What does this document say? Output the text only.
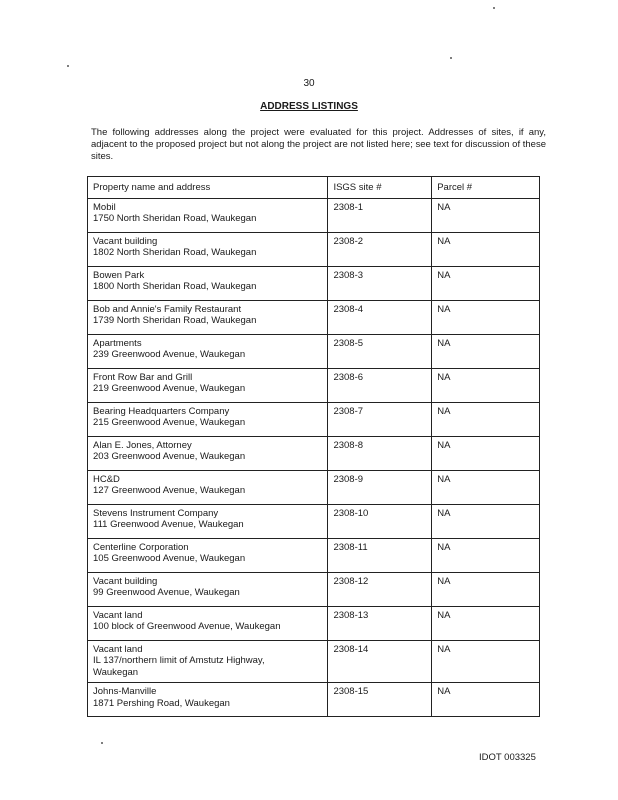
30
ADDRESS LISTINGS
The following addresses along the project were evaluated for this project. Addresses of sites, if any, adjacent to the proposed project but not along the project are not listed here; see text for discussion of these sites.
Property name and address	ISGS site #	Parcel #

Mobil
1750 North Sheridan Road, Waukegan	2308-1	NA

Vacant building
1802 North Sheridan Road, Waukegan	2308-2	NA

Bowen Park
1800 North Sheridan Road, Waukegan	2308-3	NA

Bob and Annie's Family Restaurant
1739 North Sheridan Road, Waukegan	2308-4	NA

Apartments
239 Greenwood Avenue, Waukegan	2308-5	NA

Front Row Bar and Grill
219 Greenwood Avenue, Waukegan	2308-6	NA

Bearing Headquarters Company
215 Greenwood Avenue, Waukegan	2308-7	NA

Alan E. Jones, Attorney
203 Greenwood Avenue, Waukegan	2308-8	NA

HC&D
127 Greenwood Avenue, Waukegan	2308-9	NA

Stevens Instrument Company
111 Greenwood Avenue, Waukegan	2308-10	NA

Centerline Corporation
105 Greenwood Avenue, Waukegan	2308-11	NA

Vacant building
99 Greenwood Avenue, Waukegan	2308-12	NA

Vacant land
100 block of Greenwood Avenue, Waukegan	2308-13	NA

Vacant land
IL 137/northern limit of Amstutz Highway,
Waukegan	2308-14	NA

Johns-Manville
1871 Pershing Road, Waukegan	2308-15	NA
IDOT 003325
